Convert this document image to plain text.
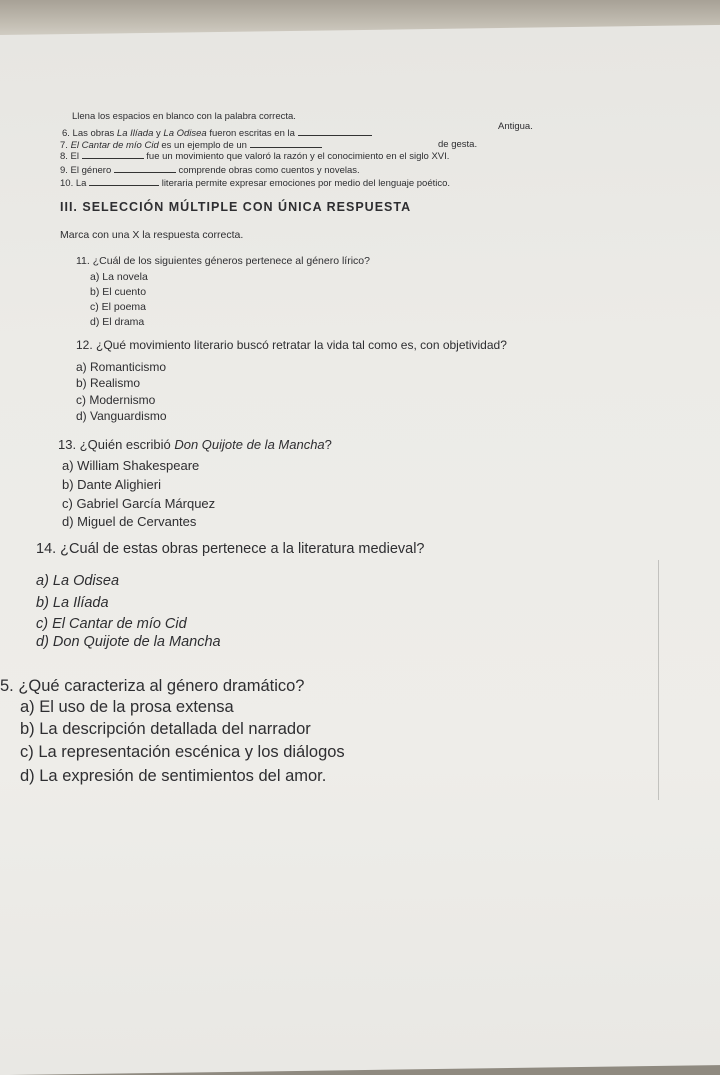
Llena los espacios en blanco con la palabra correcta.
6. Las obras La Ilíada y La Odisea fueron escritas en la
Antigua.
7. El Cantar de mío Cid es un ejemplo de un	de gesta.
8. El	fue un movimiento que valoró la razón y el conocimiento en el siglo XVI.
9. El género	comprende obras como cuentos y novelas.
10. La	literaria permite expresar emociones por medio del lenguaje poético.
III. SELECCIÓN MÚLTIPLE CON ÚNICA RESPUESTA
Marca con una X la respuesta correcta.
11. ¿Cuál de los siguientes géneros pertenece al género lírico?
a) La novela
b) El cuento
c) El poema
d) El drama
12. ¿Qué movimiento literario buscó retratar la vida tal como es, con objetividad?
a) Romanticismo
b) Realismo
c) Modernismo
d) Vanguardismo
13. ¿Quién escribió Don Quijote de la Mancha?
a) William Shakespeare
b) Dante Alighieri
c) Gabriel García Márquez
d) Miguel de Cervantes
14. ¿Cuál de estas obras pertenece a la literatura medieval?
a) La Odisea
b) La Ilíada
c) El Cantar de mío Cid
d) Don Quijote de la Mancha
5. ¿Qué caracteriza al género dramático?
a) El uso de la prosa extensa
b) La descripción detallada del narrador
c) La representación escénica y los diálogos
d) La expresión de sentimientos del amor.
